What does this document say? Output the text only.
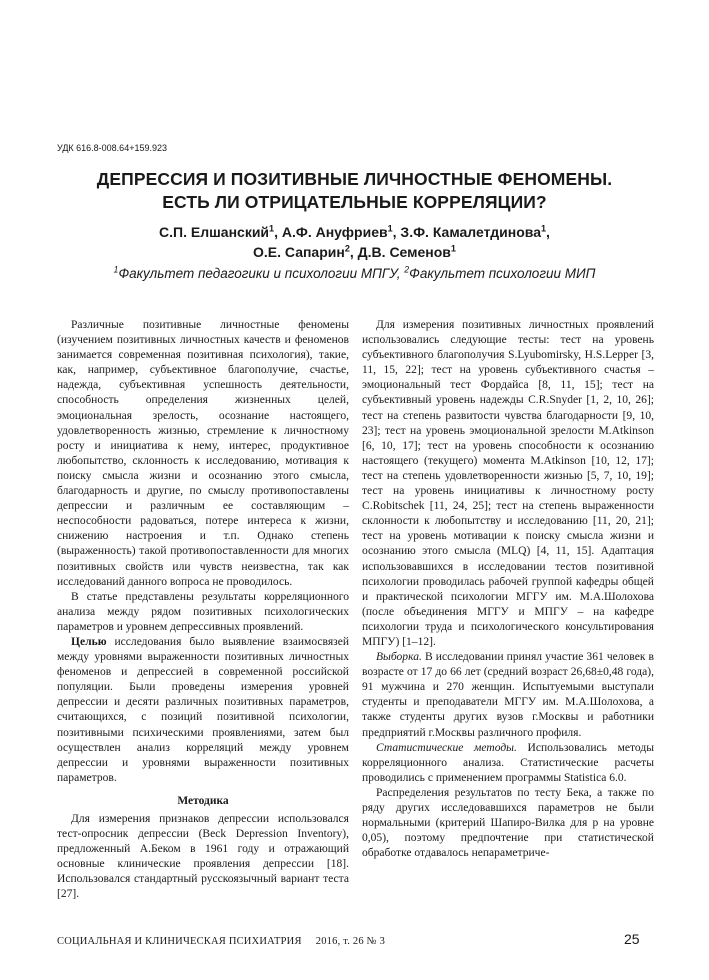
УДК 616.8-008.64+159.923
ДЕПРЕССИЯ И ПОЗИТИВНЫЕ ЛИЧНОСТНЫЕ ФЕНОМЕНЫ.
ЕСТЬ ЛИ ОТРИЦАТЕЛЬНЫЕ КОРРЕЛЯЦИИ?
С.П. Елшанский$^1$, А.Ф. Ануфриев$^1$, З.Ф. Камалетдинова$^1$,
О.Е. Сапарин$^2$, Д.В. Семенов$^1$
$^1$Факультет педагогики и психологии МПГУ, $^2$Факультет психологии МИП

Различные позитивные личностные феномены (изучением позитивных личностных качеств и феноменов занимается современная позитивная психология), такие, как, например, субъективное благополучие, счастье, надежда, субъективная успешность деятельности, способность определения жизненных целей, эмоциональная зрелость, осознание настоящего, удовлетворенность жизнью, стремление к личностному росту и инициатива к нему, интерес, продуктивное любопытство, склонность к исследованию, мотивация к поиску смысла жизни и осознанию этого смысла, благодарность и другие, по смыслу противопоставлены депрессии и различным ее составляющим – неспособности радоваться, потере интереса к жизни, снижению настроения и т.п. Однако степень (выраженность) такой противопоставленности для многих позитивных свойств или чувств неизвестна, так как исследований данного вопроса не проводилось.

В статье представлены результаты корреляционного анализа между рядом позитивных психологических параметров и уровнем депрессивных проявлений.

Целью исследования было выявление взаимосвязей между уровнями выраженности позитивных личностных феноменов и депрессией в современной российской популяции. Были проведены измерения уровней депрессии и десяти различных позитивных параметров, считающихся, с позиций позитивной психологии, позитивными психическими проявлениями, затем был осуществлен анализ корреляций между уровнем депрессии и уровнями выраженности позитивных параметров.

Методика

Для измерения признаков депрессии использовался тест-опросник депрессии (Beck Depression Inventory), предложенный А.Беком в 1961 году и отражающий основные клинические проявления депрессии [18]. Использовался стандартный русскоязычный вариант теста [27].

Для измерения позитивных личностных проявлений использовались следующие тесты: тест на уровень субъективного благополучия S.Lyubomirsky, H.S.Lepper [3, 11, 15, 22]; тест на уровень субъективного счастья – эмоциональный тест Фордайса [8, 11, 15]; тест на субъективный уровень надежды C.R.Snyder [1, 2, 10, 26]; тест на степень развитости чувства благодарности [9, 10, 23]; тест на уровень эмоциональной зрелости M.Atkinson [6, 10, 17]; тест на уровень способности к осознанию настоящего (текущего) момента M.Atkinson [10, 12, 17]; тест на степень удовлетворенности жизнью [5, 7, 10, 19]; тест на уровень инициативы к личностному росту C.Robitschek [11, 24, 25]; тест на степень выраженности склонности к любопытству и исследованию [11, 20, 21]; тест на уровень мотивации к поиску смысла жизни и осознанию этого смысла (MLQ) [4, 11, 15]. Адаптация использовавшихся в исследовании тестов позитивной психологии проводилась рабочей группой кафедры общей и практической психологии МГГУ им. М.А.Шолохова (после объединения МГГУ и МПГУ – на кафедре психологии труда и психологического консультирования МПГУ) [1–12].

Выборка. В исследовании принял участие 361 человек в возрасте от 17 до 66 лет (средний возраст 26,68±0,48 года), 91 мужчина и 270 женщин. Испытуемыми выступали студенты и преподаватели МГГУ им. М.А.Шолохова, а также студенты других вузов г.Москвы и работники предприятий г.Москвы различного профиля.

Статистические методы. Использовались методы корреляционного анализа. Статистические расчеты проводились с применением программы Statistica 6.0.

Распределения результатов по тесту Бека, а также по ряду других исследовавшихся параметров не были нормальными (критерий Шапиро-Вилка для р на уровне 0,05), поэтому предпочтение при статистической обработке отдавалось непараметриче-

СОЦИАЛЬНАЯ И КЛИНИЧЕСКАЯ ПСИХИАТРИЯ     2016, т. 26 № 3	25
